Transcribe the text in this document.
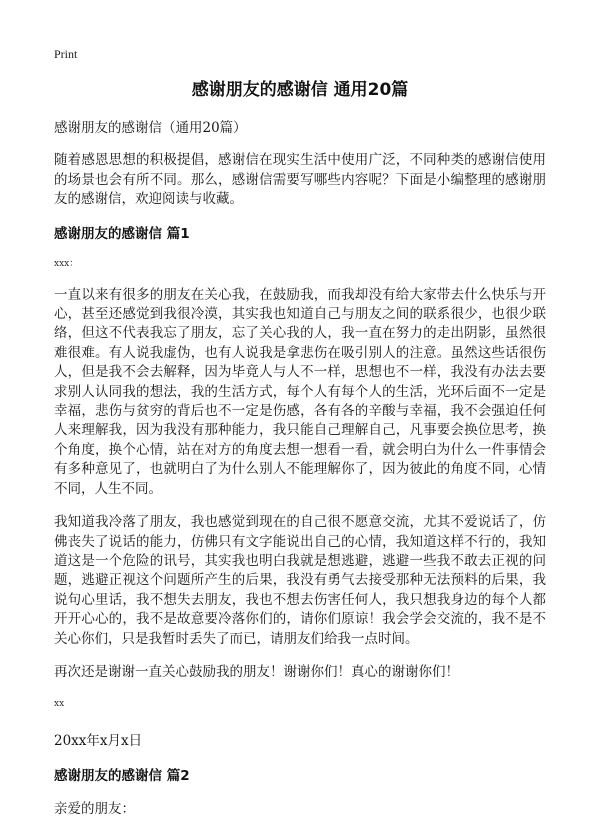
Print
感谢朋友的感谢信 通用20篇

感谢朋友的感谢信（通用20篇）

随着感恩思想的积极提倡，感谢信在现实生活中使用广泛，不同种类的感谢信使用的场景也会有所不同。那么，感谢信需要写哪些内容呢？下面是小编整理的感谢朋友的感谢信，欢迎阅读与收藏。

感谢朋友的感谢信 篇1
xxx：

一直以来有很多的朋友在关心我，在鼓励我，而我却没有给大家带去什么快乐与开心，甚至还感觉到我很冷漠，其实我也知道自己与朋友之间的联系很少，也很少联络，但这不代表我忘了朋友，忘了关心我的人，我一直在努力的走出阴影，虽然很难很难。有人说我虚伪，也有人说我是拿悲伤在吸引别人的注意。虽然这些话很伤人，但是我不会去解释，因为毕竟人与人不一样，思想也不一样，我没有办法去要求别人认同我的想法，我的生活方式，每个人有每个人的生活，光环后面不一定是幸福，悲伤与贫穷的背后也不一定是伤感，各有各的辛酸与幸福，我不会强迫任何人来理解我，因为我没有那种能力，我只能自己理解自己，凡事要会换位思考，换个角度，换个心情，站在对方的角度去想一想看一看，就会明白为什么一件事情会有多种意见了，也就明白了为什么别人不能理解你了，因为彼此的角度不同，心情不同，人生不同。

我知道我冷落了朋友，我也感觉到现在的自己很不愿意交流，尤其不爱说话了，仿佛丧失了说话的能力，仿佛只有文字能说出自己的心情，我知道这样不行的，我知道这是一个危险的讯号，其实我也明白我就是想逃避，逃避一些我不敢去正视的问题，逃避正视这个问题所产生的后果，我没有勇气去接受那种无法预料的后果，我说句心里话，我不想失去朋友，我也不想去伤害任何人，我只想我身边的每个人都开开心心的，我不是故意要冷落你们的，请你们原谅！我会学会交流的，我不是不关心你们，只是我暂时丢失了而已，请朋友们给我一点时间。

再次还是谢谢一直关心鼓励我的朋友！谢谢你们！真心的谢谢你们！

xx

20xx年x月x日

感谢朋友的感谢信 篇2

亲爱的朋友：
